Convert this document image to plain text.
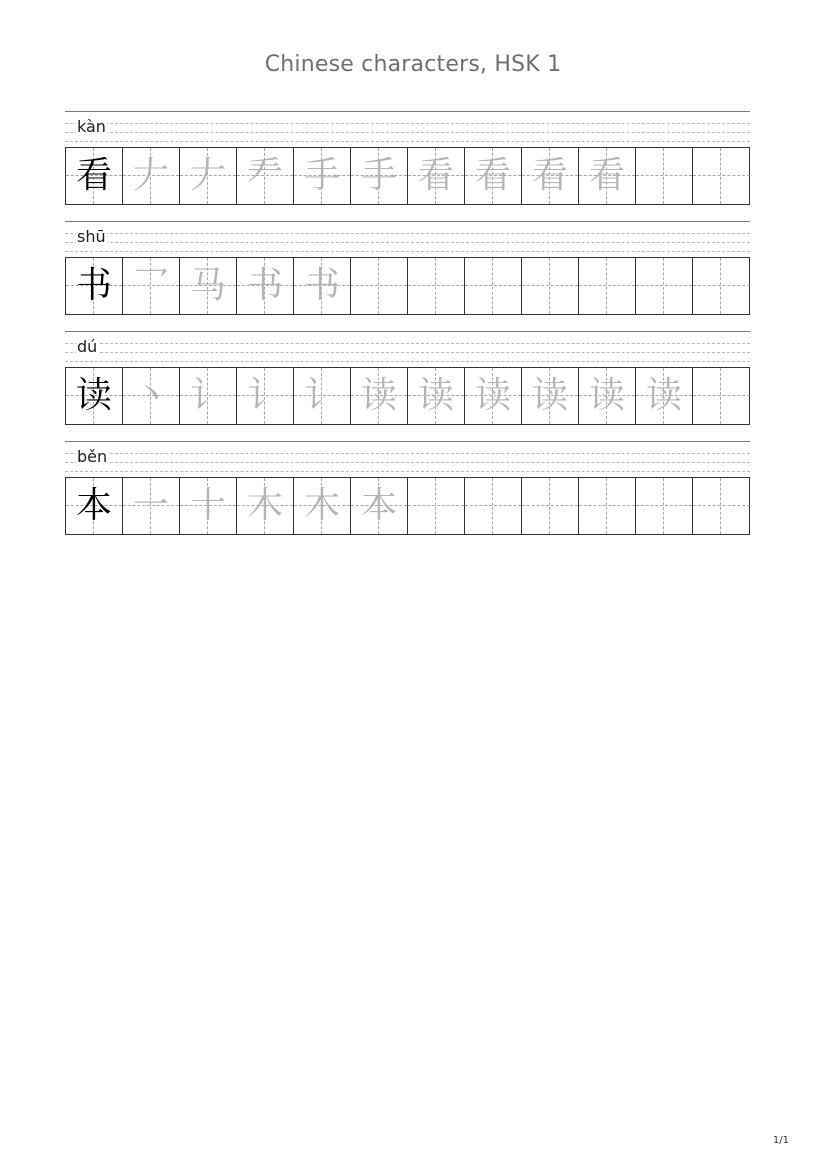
Chinese characters, HSK 1
kàn
看 𠂇 𠂇 龵 手 手 看 看 看 看
shū
书 乛 马 书 书
dú
读 丶 讠 讠 讠 读 读 读 读 读 读
běn
本 一 十 木 木 本
1/1
